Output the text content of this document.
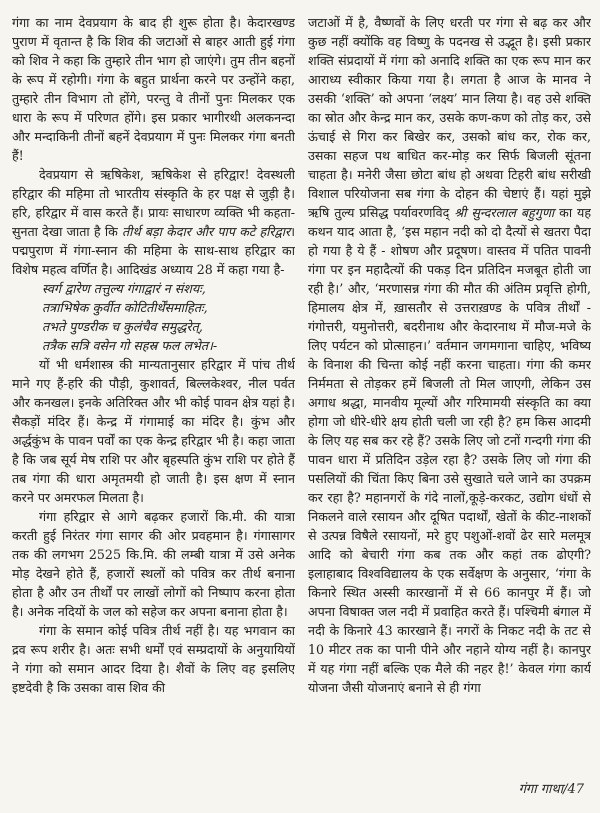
गंगा का नाम देवप्रयाग के बाद ही शुरू होता है। केदारखण्ड पुराण में वृतान्त है कि शिव की जटाओं से बाहर आती हुई गंगा को शिव ने कहा कि तुम्हारे तीन भाग हो जाएंगे। तुम तीन बहनों के रूप में रहोगी। गंगा के बहुत प्रार्थना करने पर उन्होंने कहा, तुम्हारे तीन विभाग तो होंगे, परन्तु वे तीनों पुनः मिलकर एक धारा के रूप में परिणत होंगे। इस प्रकार भागीरथी अलकनन्दा और मन्दाकिनी तीनों बहनें देवप्रयाग में पुनः मिलकर गंगा बनती हैं!

देवप्रयाग से ऋषिकेश, ऋषिकेश से हरिद्वार! देवस्थली हरिद्वार की महिमा तो भारतीय संस्कृति के हर पक्ष से जुड़ी है। हरि, हरिद्वार में वास करते हैं। प्रायः साधारण व्यक्ति भी कहता-सुनता देखा जाता है कि तीर्थ बड़ा केदार और पाप कटे हरिद्वार। पद्मपुराण में गंगा-स्नान की महिमा के साथ-साथ हरिद्वार का विशेष महत्व वर्णित है। आदिखंड अध्याय 28 में कहा गया है-

स्वर्ग द्वारेण तत्तुल्य गंगाद्वारं न संशयः,
तत्राभिषेक कुर्वीत कोटितीर्थेंसमाहितः,
तभते पुण्डरीक च कुलंचैव समुद्धरेत्,
तत्रैक सत्रि वसेन गो सहस्र फल लभेत।-

यों भी धर्मशास्त्र की मान्यतानुसार हरिद्वार में पांच तीर्थ माने गए हैं-हरि की पौड़ी, कुशावर्त, बिल्लकेश्वर, नील पर्वत और कनखल। इनके अतिरिक्त और भी कोई पावन क्षेत्र यहां है। सैकड़ों मंदिर हैं। केन्द्र में गंगामाई का मंदिर है। कुंभ और अर्द्धकुंभ के पावन पर्वों का एक केन्द्र हरिद्वार भी है। कहा जाता है कि जब सूर्य मेष राशि पर और बृहस्पति कुंभ राशि पर होते हैं तब गंगा की धारा अमृतमयी हो जाती है। इस क्षण में स्नान करने पर अमरफल मिलता है।

गंगा हरिद्वार से आगे बढ़कर हजारों कि.मी. की यात्रा करती हुई निरंतर गंगा सागर की ओर प्रवहमान है। गंगासागर तक की लगभग 2525 कि.मि. की लम्बी यात्रा में उसे अनेक मोड़ देखने होते हैं, हजारों स्थलों को पवित्र कर तीर्थ बनाना होता है और उन तीर्थों पर लाखों लोगों को निष्पाप करना होता है। अनेक नदियों के जल को सहेज कर अपना बनाना होता है।

गंगा के समान कोई पवित्र तीर्थ नहीं है। यह भगवान का द्रव रूप शरीर है। अतः सभी धर्मों एवं सम्प्रदायों के अनुयायियों ने गंगा को समान आदर दिया है। शैवों के लिए वह इसलिए इष्टदेवी है कि उसका वास शिव की

जटाओं में है, वैष्णवों के लिए धरती पर गंगा से बढ़ कर और कुछ नहीं क्योंकि वह विष्णु के पदनख से उद्भूत है। इसी प्रकार शक्ति संप्रदायों में गंगा को अनादि शक्ति का एक रूप मान कर आराध्य स्वीकार किया गया है। लगता है आज के मानव ने उसकी ‘शक्ति’ को अपना ‘लक्ष्य’ मान लिया है। वह उसे शक्ति का स्रोत और केन्द्र मान कर, उसके कण-कण को तोड़ कर, उसे ऊंचाई से गिरा कर बिखेर कर, उसको बांध कर, रोक कर, उसका सहज पथ बाधित कर-मोड़ कर सिर्फ बिजली सूंतना चाहता है। मनेरी जैसा छोटा बांध हो अथवा टिहरी बांध सरीखी विशाल परियोजना सब गंगा के दोहन की चेष्टाएं हैं। यहां मुझे ऋषि तुल्य प्रसिद्ध पर्यावरणविद् श्री सुन्दरलाल बहुगुणा का यह कथन याद आता है, ‘इस महान नदी को दो दैत्यों से खतरा पैदा हो गया है ये हैं - शोषण और प्रदूषण। वास्तव में पतित पावनी गंगा पर इन महादैत्यों की पकड़ दिन प्रतिदिन मजबूत होती जा रही है।’ और, ‘मरणासन्न गंगा की मौत की अंतिम प्रवृत्ति होगी, हिमालय क्षेत्र में, ख़ासतौर से उत्तराख़ण्ड के पवित्र तीर्थों - गंगोत्तरी, यमुनोत्तरी, बदरीनाथ और केदारनाथ में मौज-मजे के लिए पर्यटन को प्रोत्साहन।’ वर्तमान जगमगाना चाहिए, भविष्य के विनाश की चिन्ता कोई नहीं करना चाहता। गंगा की कमर निर्ममता से तोड़कर हमें बिजली तो मिल जाएगी, लेकिन उस अगाध श्रद्धा, मानवीय मूल्यों और गरिमामयी संस्कृति का क्या होगा जो धीरे-धीरे क्षय होती चली जा रही है? हम किस आदमी के लिए यह सब कर रहे हैं? उसके लिए जो टनों गन्दगी गंगा की पावन धारा में प्रतिदिन उड़ेल रहा है? उसके लिए जो गंगा की पसलियों की चिंता किए बिना उसे सुखाते चले जाने का उपक्रम कर रहा है? महानगरों के गंदे नालों,कूड़े-करकट, उद्योग धंधों से निकलने वाले रसायन और दूषित पदार्थों, खेतों के कीट-नाशकों से उत्पन्न विषैले रसायनों, मरे हुए पशुओं-शवों ढेर सारे मलमूत्र आदि को बेचारी गंगा कब तक और कहां तक ढोएगी? इलाहाबाद विश्वविद्यालय के एक सर्वेक्षण के अनुसार, ‘गंगा के किनारे स्थित अस्सी कारखानों में से 66 कानपुर में हैं। जो अपना विषाक्त जल नदी में प्रवाहित करते हैं। पश्चिमी बंगाल में नदी के किनारे 43 कारखाने हैं। नगरों के निकट नदी के तट से 10 मीटर तक का पानी पीने और नहाने योग्य नहीं है। कानपुर में यह गंगा नहीं बल्कि एक मैले की नहर है!’ केवल गंगा कार्य योजना जैसी योजनाएं बनाने से ही गंगा

गंगा गाथा/47
